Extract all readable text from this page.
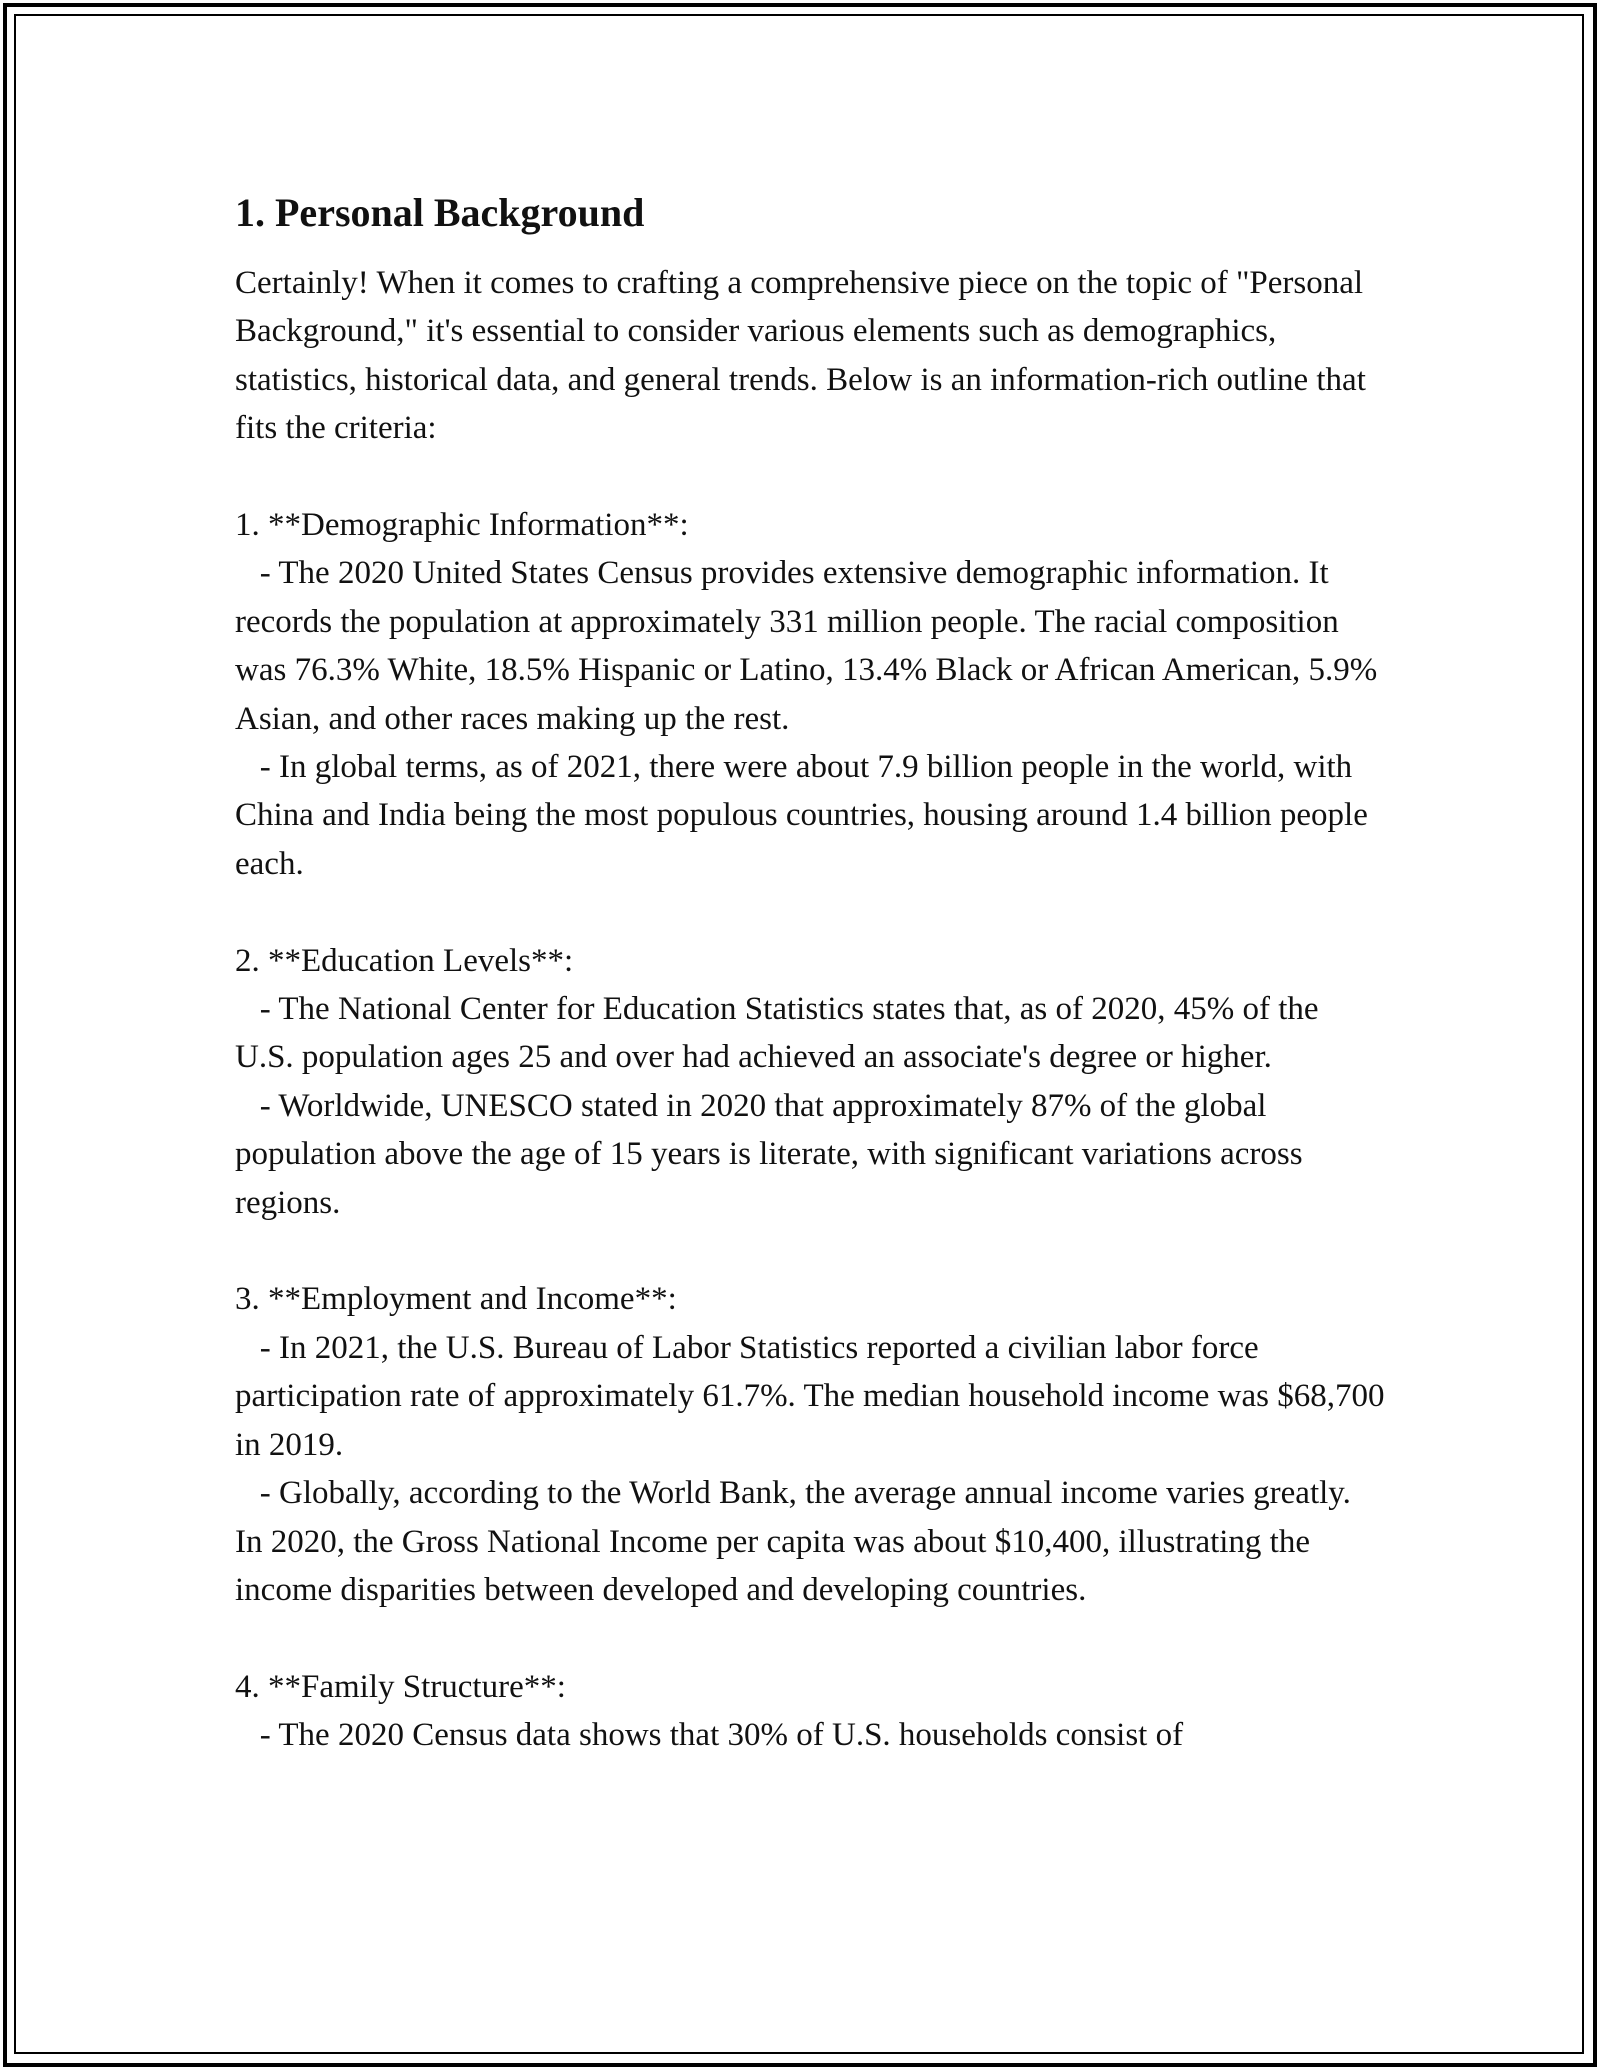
1. Personal Background

Certainly! When it comes to crafting a comprehensive piece on the topic of "Personal Background," it's essential to consider various elements such as demographics, statistics, historical data, and general trends. Below is an information-rich outline that fits the criteria:

1. **Demographic Information**:

- The 2020 United States Census provides extensive demographic information. It records the population at approximately 331 million people. The racial composition was 76.3% White, 18.5% Hispanic or Latino, 13.4% Black or African American, 5.9% Asian, and other races making up the rest.

- In global terms, as of 2021, there were about 7.9 billion people in the world, with China and India being the most populous countries, housing around 1.4 billion people each.

2. **Education Levels**:

- The National Center for Education Statistics states that, as of 2020, 45% of the U.S. population ages 25 and over had achieved an associate's degree or higher.

- Worldwide, UNESCO stated in 2020 that approximately 87% of the global population above the age of 15 years is literate, with significant variations across regions.

3. **Employment and Income**:

- In 2021, the U.S. Bureau of Labor Statistics reported a civilian labor force participation rate of approximately 61.7%. The median household income was $68,700 in 2019.

- Globally, according to the World Bank, the average annual income varies greatly. In 2020, the Gross National Income per capita was about $10,400, illustrating the income disparities between developed and developing countries.

4. **Family Structure**:

- The 2020 Census data shows that 30% of U.S. households consist of
